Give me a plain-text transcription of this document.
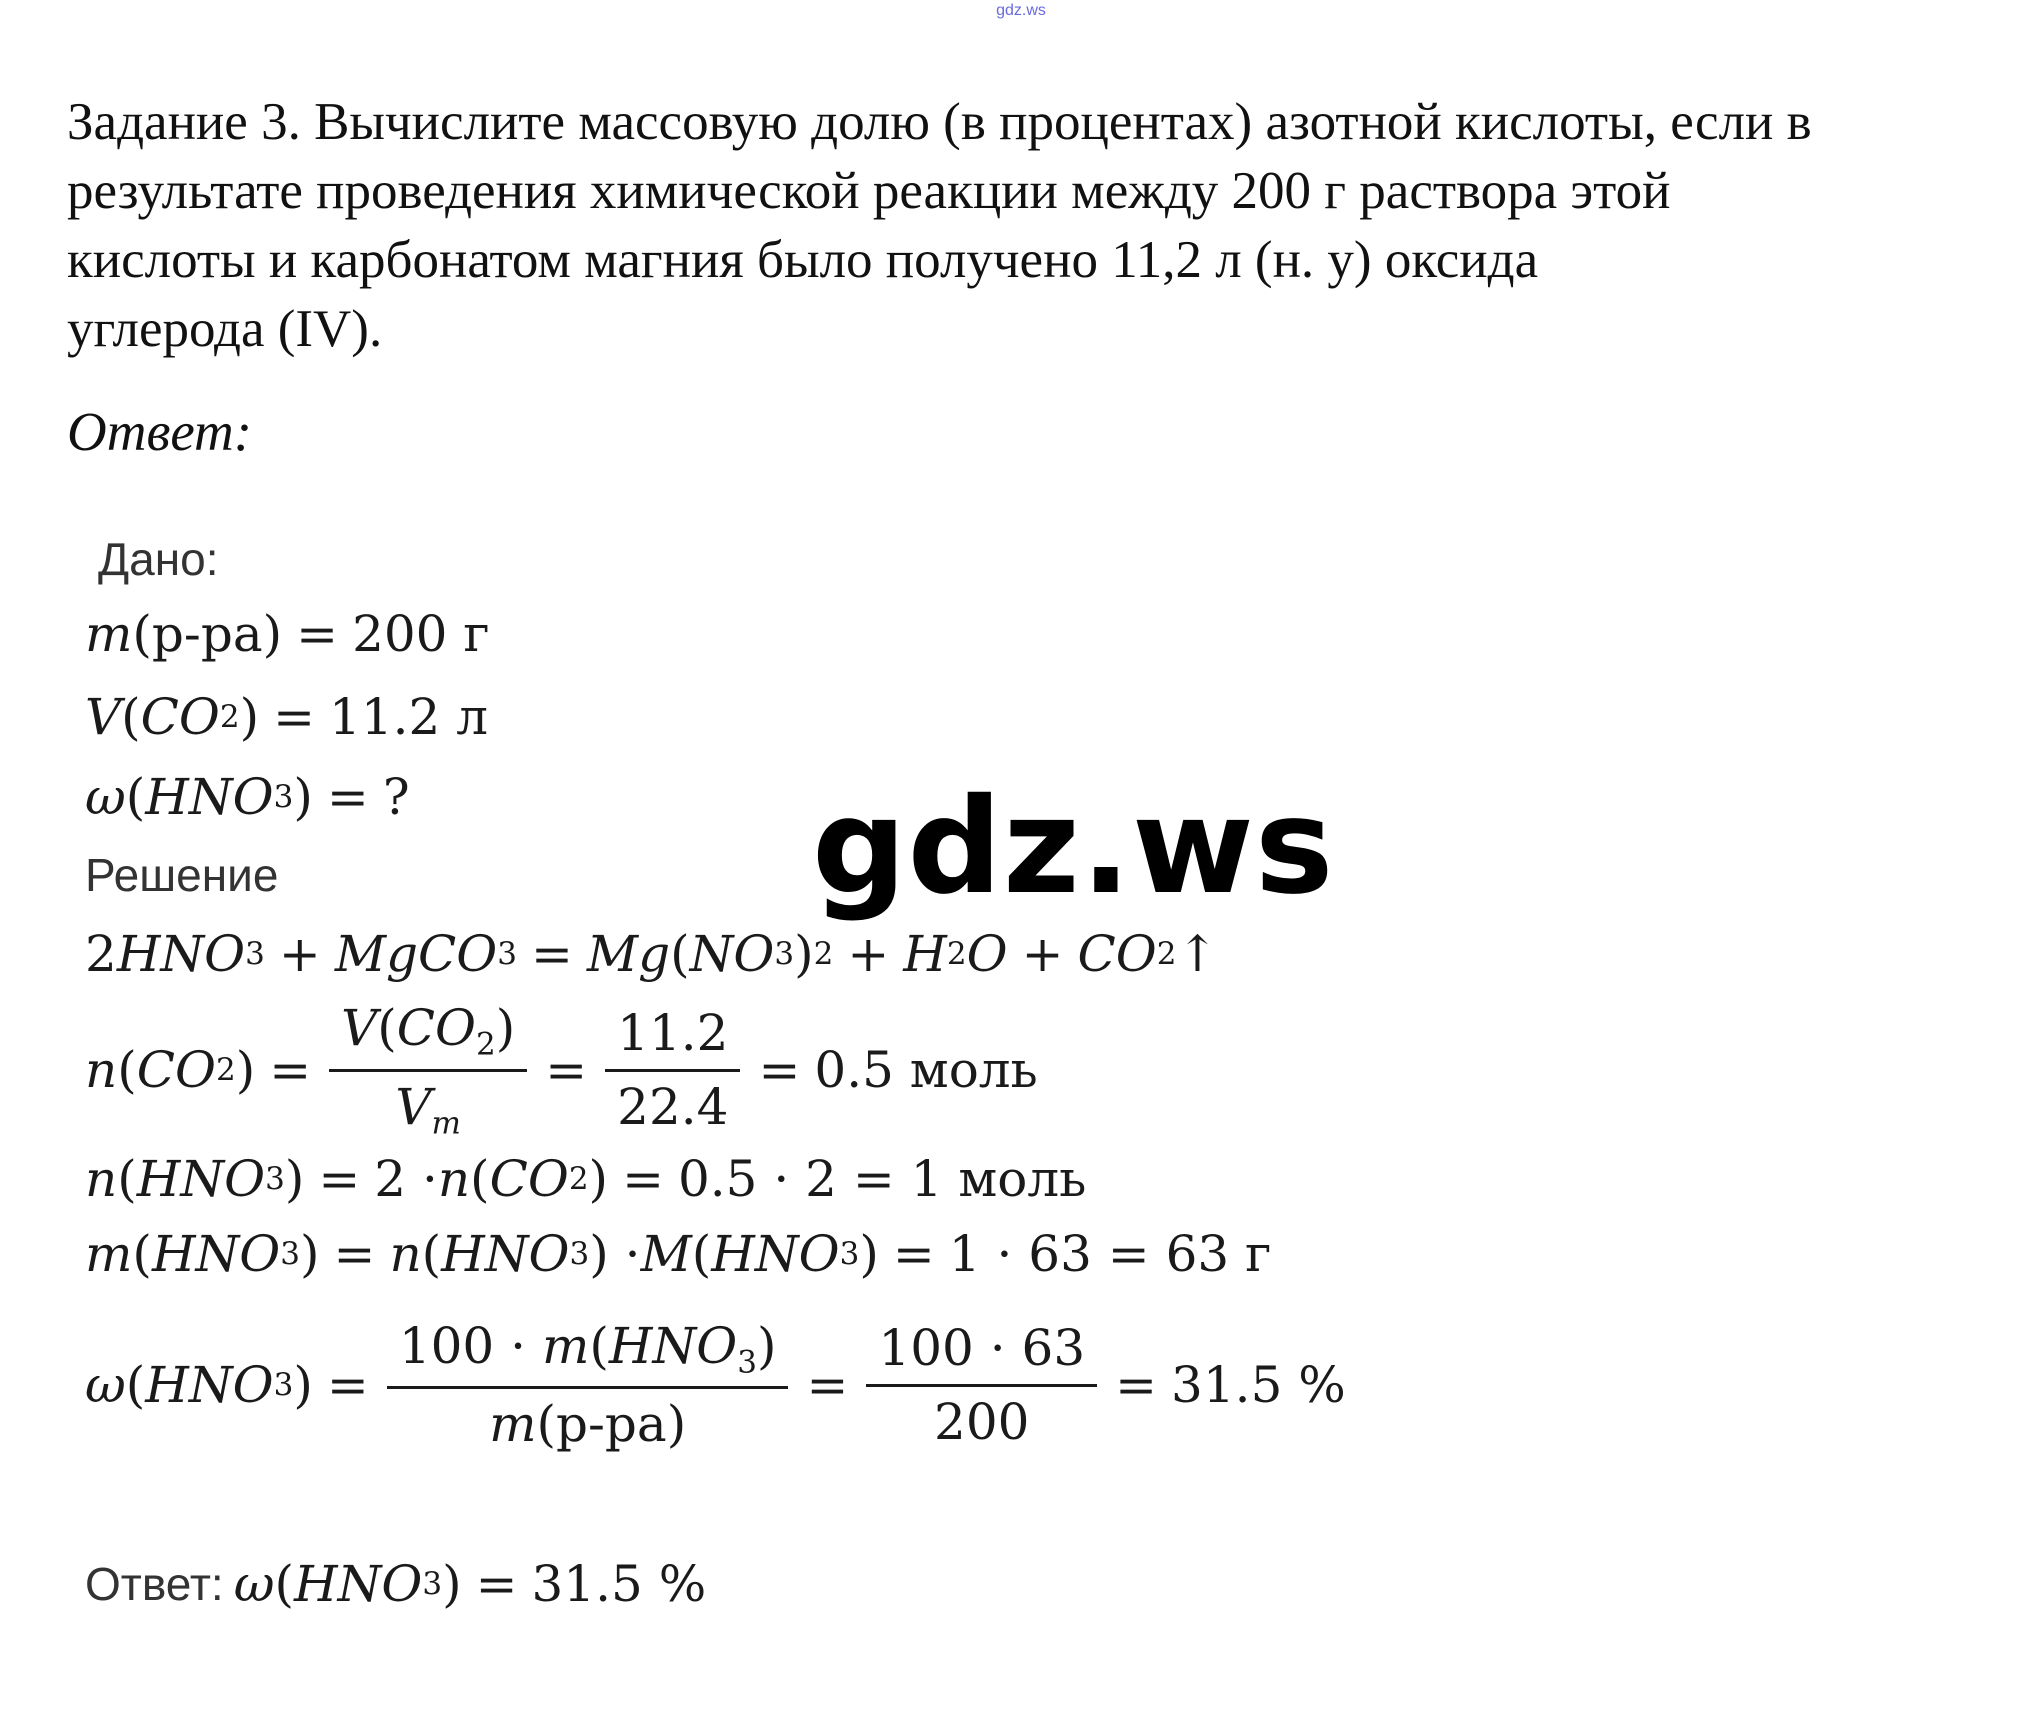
gdz.ws
Задание 3. Вычислите массовую долю (в процентах) азотной кислоты, если в
результате проведения химической реакции между 200 г раствора этой
кислоты и карбонатом магния было получено 11,2 л (н. у) оксида
углерода (IV).
Ответ:
Дано:
m (р-ра) = 200 г
V ( CO 2 ) = 11.2 л
ω ( HNO 3 ) = ?
Решение
2 HNO 3 + MgCO 3 = Mg ( NO 3 ) 2 + H 2 O + CO 2 ↑
n ( CO 2 ) = $\frac{V(CO_2)}{V_m} = \frac{11.2}{22.4} = 0.5$ моль
n ( HNO 3 ) = 2 · n ( CO 2 ) = 0.5 · 2 = 1 моль
m ( HNO 3 ) = n ( HNO 3 ) · M ( HNO 3 ) = 1 · 63 = 63 г
ω ( HNO 3 ) = $\frac{100 \cdot m(HNO_3)}{m(р-ра)} = \frac{100 \cdot 63}{200} = 31.5$ %
Ответ: ω ( HNO 3 ) = 31.5 %
gdz.ws
